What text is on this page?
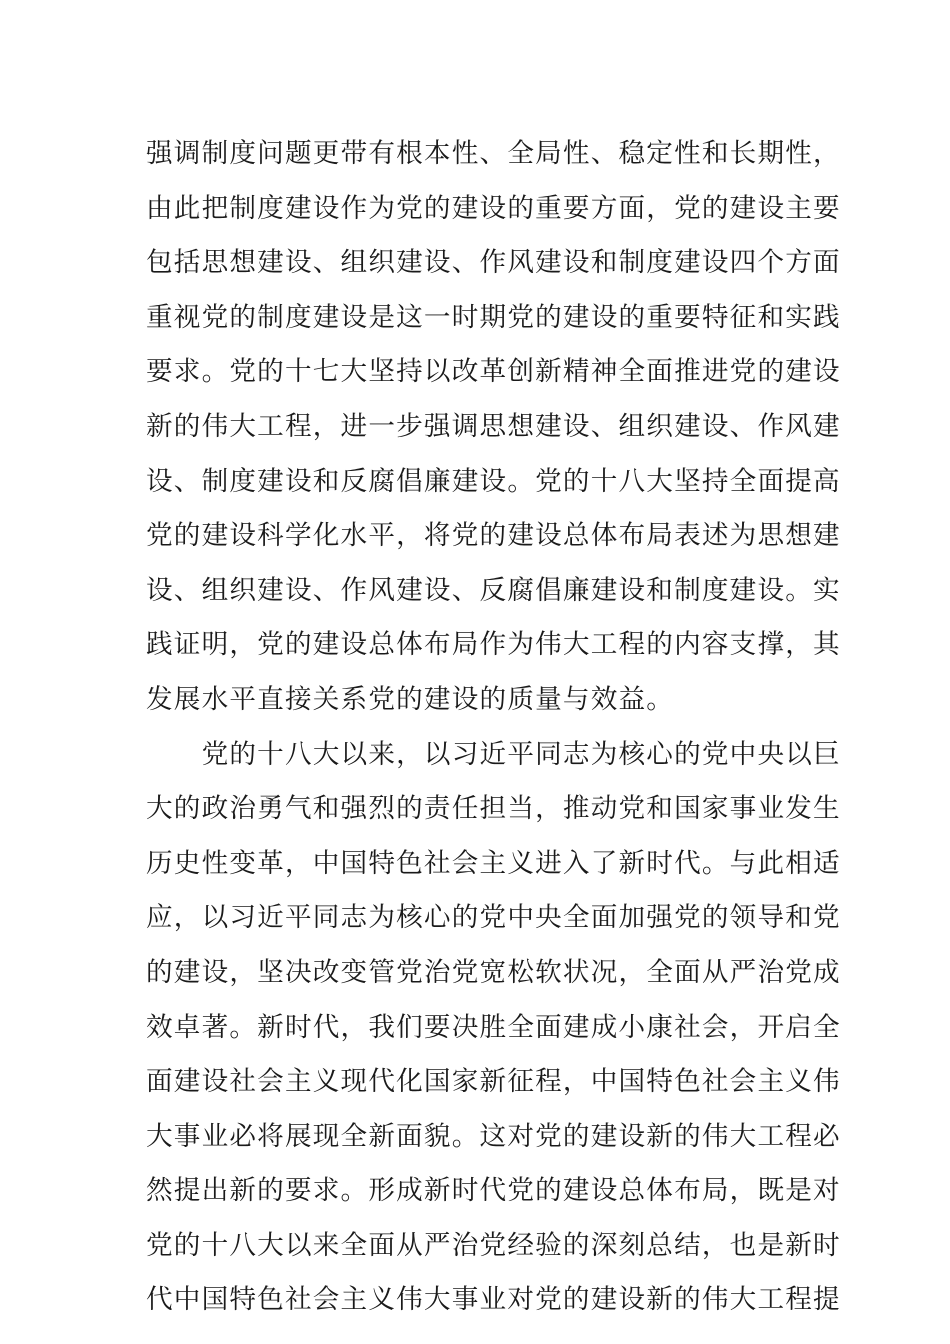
强调制度问题更带有根本性、全局性、稳定性和长期性，
由此把制度建设作为党的建设的重要方面，党的建设主要
包括思想建设、组织建设、作风建设和制度建设四个方面
重视党的制度建设是这一时期党的建设的重要特征和实践
要求。党的十七大坚持以改革创新精神全面推进党的建设
新的伟大工程，进一步强调思想建设、组织建设、作风建
设、制度建设和反腐倡廉建设。党的十八大坚持全面提高
党的建设科学化水平，将党的建设总体布局表述为思想建
设、组织建设、作风建设、反腐倡廉建设和制度建设。实
践证明，党的建设总体布局作为伟大工程的内容支撑，其
发展水平直接关系党的建设的质量与效益。
　　党的十八大以来，以习近平同志为核心的党中央以巨
大的政治勇气和强烈的责任担当，推动党和国家事业发生
历史性变革，中国特色社会主义进入了新时代。与此相适
应，以习近平同志为核心的党中央全面加强党的领导和党
的建设，坚决改变管党治党宽松软状况，全面从严治党成
效卓著。新时代，我们要决胜全面建成小康社会，开启全
面建设社会主义现代化国家新征程，中国特色社会主义伟
大事业必将展现全新面貌。这对党的建设新的伟大工程必
然提出新的要求。形成新时代党的建设总体布局，既是对
党的十八大以来全面从严治党经验的深刻总结，也是新时
代中国特色社会主义伟大事业对党的建设新的伟大工程提
